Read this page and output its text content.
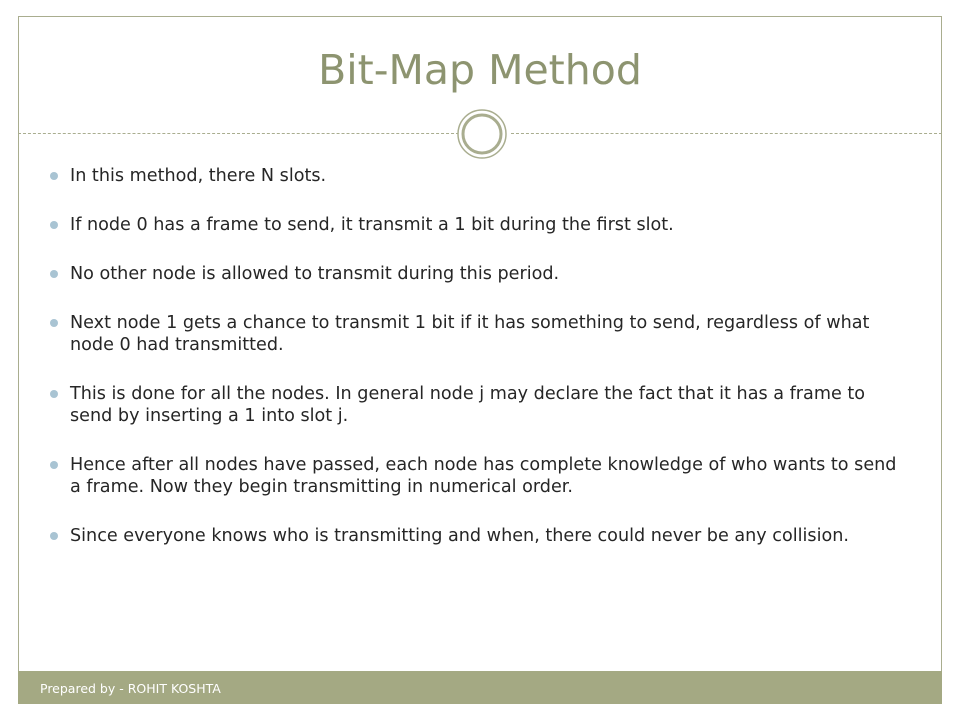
Bit-Map Method
In this method, there N slots.
If node 0 has a frame to send, it transmit a 1 bit during the first slot.
No other node is allowed to transmit during this period.
Next node 1 gets a chance to transmit 1 bit if it has something to send, regardless of what node 0 had transmitted.
This is done for all the nodes. In general node j may declare the fact that it has a frame to send by inserting a 1 into slot j.
Hence after all nodes have passed, each node has complete knowledge of who wants to send a frame. Now they begin transmitting in numerical order.
Since everyone knows who is transmitting and when, there could never be any collision.
Prepared by - ROHIT KOSHTA
